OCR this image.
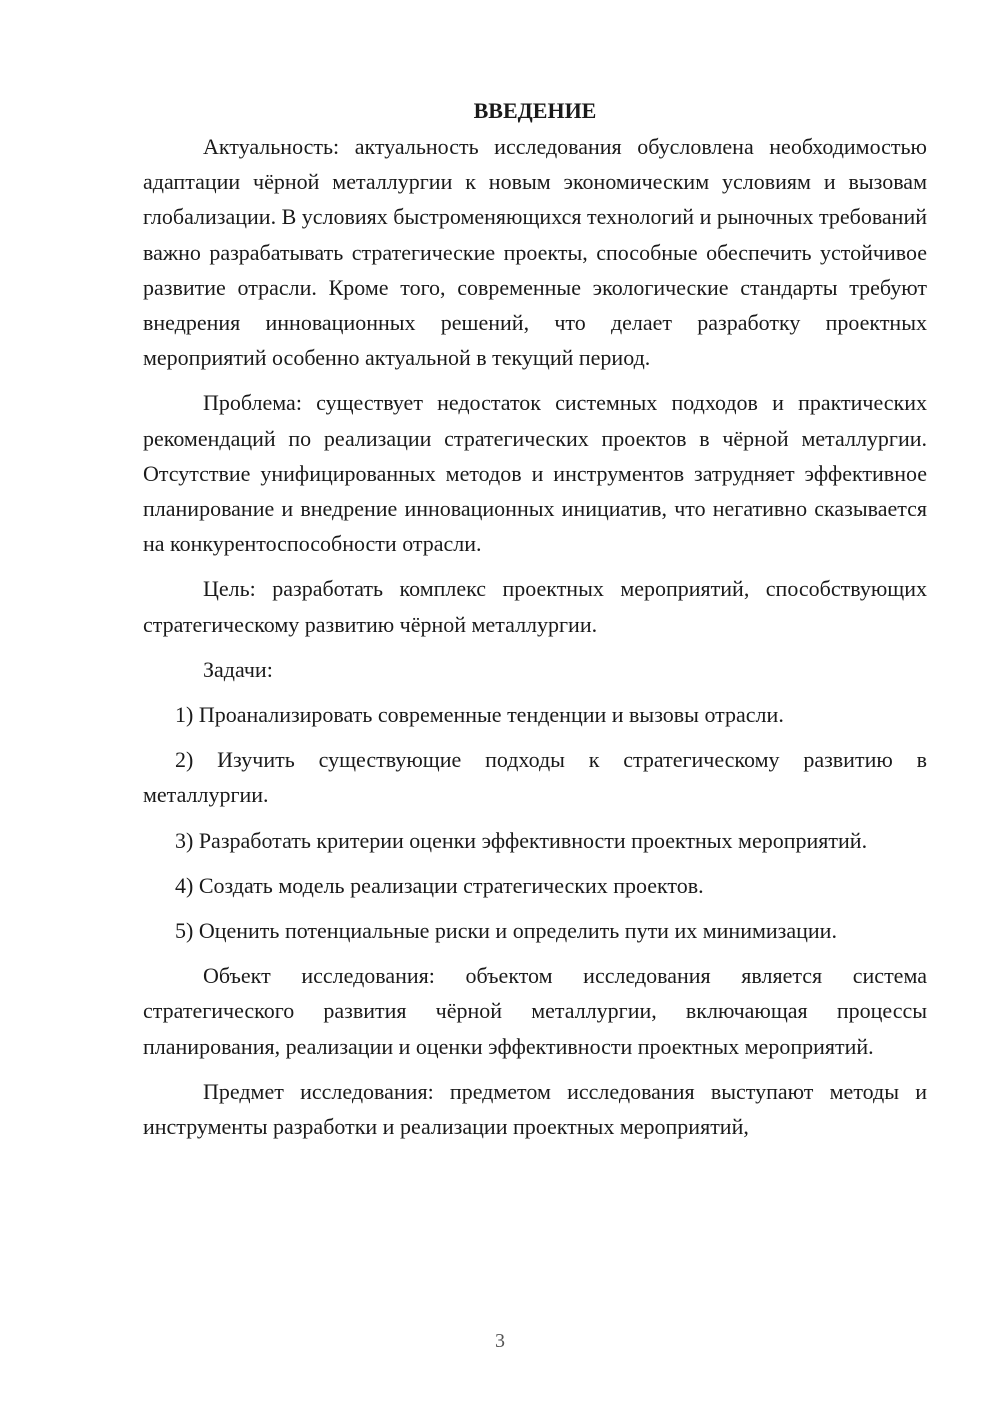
ВВЕДЕНИЕ

Актуальность: актуальность исследования обусловлена необходимостью адаптации чёрной металлургии к новым экономическим условиям и вызовам глобализации. В условиях быстроменяющихся технологий и рыночных требований важно разрабатывать стратегические проекты, способные обеспечить устойчивое развитие отрасли. Кроме того, современные экологические стандарты требуют внедрения инновационных решений, что делает разработку проектных мероприятий особенно актуальной в текущий период.

Проблема: существует недостаток системных подходов и практических рекомендаций по реализации стратегических проектов в чёрной металлургии. Отсутствие унифицированных методов и инструментов затрудняет эффективное планирование и внедрение инновационных инициатив, что негативно сказывается на конкурентоспособности отрасли.

Цель: разработать комплекс проектных мероприятий, способствующих стратегическому развитию чёрной металлургии.

Задачи:

1) Проанализировать современные тенденции и вызовы отрасли.

2) Изучить существующие подходы к стратегическому развитию в металлургии.

3) Разработать критерии оценки эффективности проектных мероприятий.

4) Создать модель реализации стратегических проектов.

5) Оценить потенциальные риски и определить пути их минимизации.

Объект исследования: объектом исследования является система стратегического развития чёрной металлургии, включающая процессы планирования, реализации и оценки эффективности проектных мероприятий.

Предмет исследования: предметом исследования выступают методы и инструменты разработки и реализации проектных мероприятий,

3
